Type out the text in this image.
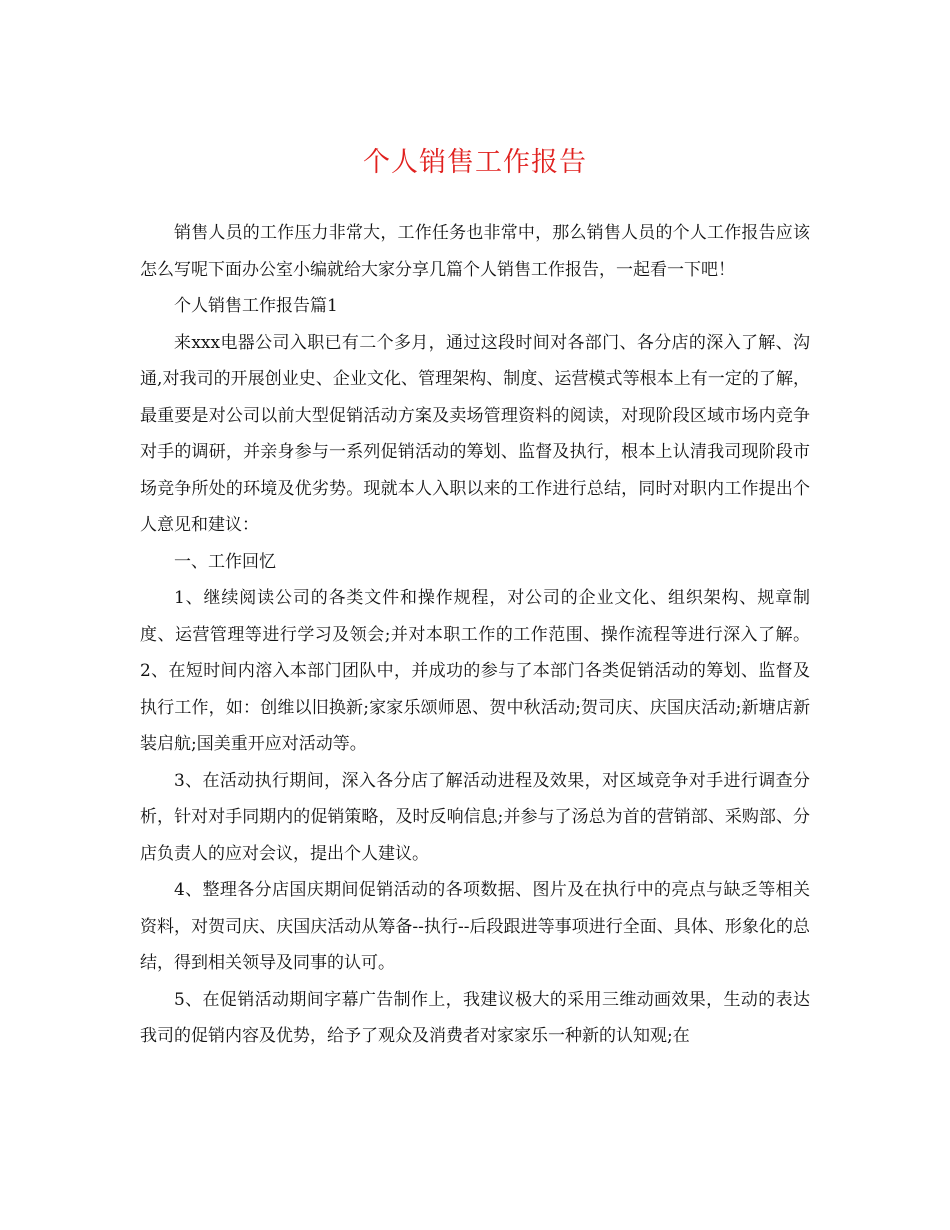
个人销售工作报告

销售人员的工作压力非常大，工作任务也非常中，那么销售人员的个人工作报告应该怎么写呢下面办公室小编就给大家分享几篇个人销售工作报告，一起看一下吧！

个人销售工作报告篇1

来xxx电器公司入职已有二个多月，通过这段时间对各部门、各分店的深入了解、沟通,对我司的开展创业史、企业文化、管理架构、制度、运营模式等根本上有一定的了解，最重要是对公司以前大型促销活动方案及卖场管理资料的阅读，对现阶段区域市场内竞争对手的调研，并亲身参与一系列促销活动的筹划、监督及执行，根本上认清我司现阶段市场竞争所处的环境及优劣势。现就本人入职以来的工作进行总结，同时对职内工作提出个人意见和建议：

一、工作回忆

1、继续阅读公司的各类文件和操作规程，对公司的企业文化、组织架构、规章制度、运营管理等进行学习及领会;并对本职工作的工作范围、操作流程等进行深入了解。2、在短时间内溶入本部门团队中，并成功的参与了本部门各类促销活动的筹划、监督及执行工作，如：创维以旧换新;家家乐颂师恩、贺中秋活动;贺司庆、庆国庆活动;新塘店新装启航;国美重开应对活动等。

3、在活动执行期间，深入各分店了解活动进程及效果，对区域竞争对手进行调查分析，针对对手同期内的促销策略，及时反响信息;并参与了汤总为首的营销部、采购部、分店负责人的应对会议，提出个人建议。

4、整理各分店国庆期间促销活动的各项数据、图片及在执行中的亮点与缺乏等相关资料，对贺司庆、庆国庆活动从筹备--执行--后段跟进等事项进行全面、具体、形象化的总结，得到相关领导及同事的认可。

5、在促销活动期间字幕广告制作上，我建议极大的采用三维动画效果，生动的表达我司的促销内容及优势，给予了观众及消费者对家家乐一种新的认知观;在
